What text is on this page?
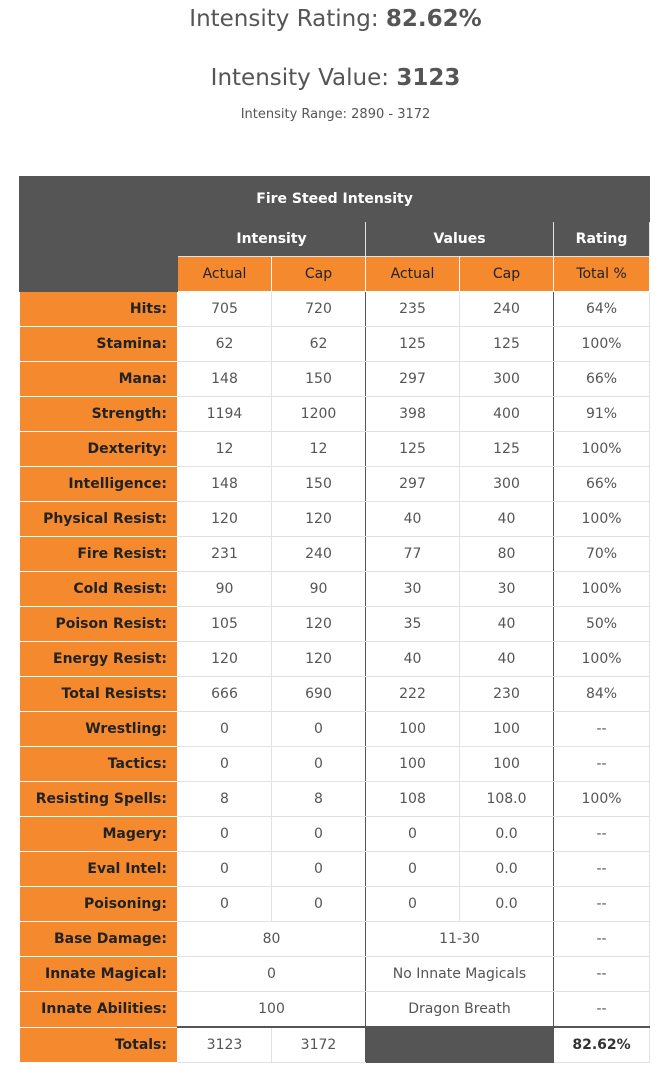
Intensity Rating: 82.62%
Intensity Value: 3123
Intensity Range: 2890 - 3172
Fire Steed Intensity					
	Intensity		Values		Rating
	Actual	Cap	Actual	Cap	Total %
Hits:	705	720	235	240	64%
Stamina:	62	62	125	125	100%
Mana:	148	150	297	300	66%
Strength:	1194	1200	398	400	91%
Dexterity:	12	12	125	125	100%
Intelligence:	148	150	297	300	66%
Physical Resist:	120	120	40	40	100%
Fire Resist:	231	240	77	80	70%
Cold Resist:	90	90	30	30	100%
Poison Resist:	105	120	35	40	50%
Energy Resist:	120	120	40	40	100%
Total Resists:	666	690	222	230	84%
Wrestling:	0	0	100	100	--
Tactics:	0	0	100	100	--
Resisting Spells:	8	8	108	108.0	100%
Magery:	0	0	0	0.0	--
Eval Intel:	0	0	0	0.0	--
Poisoning:	0	0	0	0.0	--
Base Damage:	80		11-30		--
Innate Magical:	0		No Innate Magicals		--
Innate Abilities:	100		Dragon Breath		--
Totals:	3123	3172			82.62%
